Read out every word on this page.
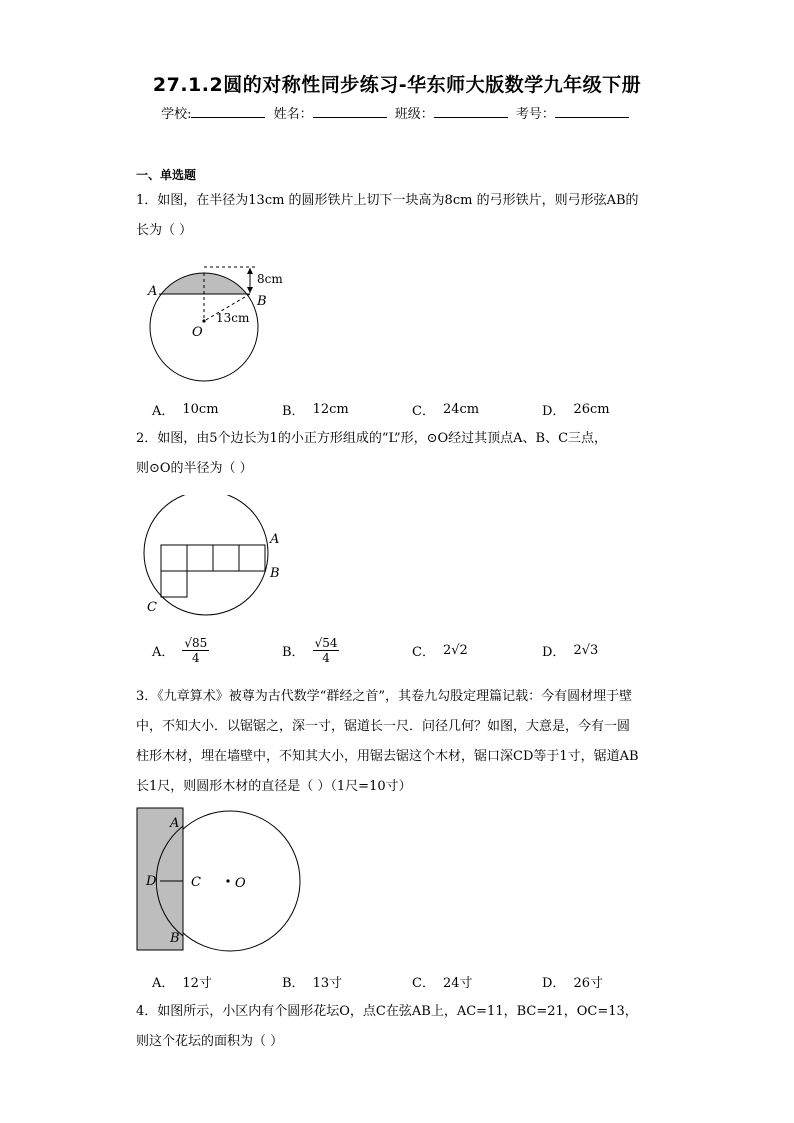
27.1.2圆的对称性同步练习-华东师大版数学九年级下册
学校:	姓名：	班级：	考号：
一、单选题
1．如图，在半径为13cm 的圆形铁片上切下一块高为8cm 的弓形铁片，则弓形弦AB的
长为（ ）
A
B
O
8cm
13cm
A． 10cm	B． 12cm	C． 24cm	D． 26cm
2．如图，由5个边长为1的小正方形组成的“L”形，⊙O经过其顶点A、B、C三点，
则⊙O的半径为（ ）
A
B
C
A． $\frac{√85}{4}$	B． $\frac{√54}{4}$	C． 2√2	D． 2√3
3．《九章算术》被尊为古代数学“群经之首”，其卷九勾股定理篇记载：今有圆材埋于壁
中，不知大小．以锯锯之，深一寸，锯道长一尺．问径几何？如图，大意是，今有一圆
柱形木材，埋在墙壁中，不知其大小，用锯去锯这个木材，锯口深CD等于1寸，锯道AB
长1尺，则圆形木材的直径是（ ）（1尺=10寸）
A
B
D	C	O
A． 12寸	B． 13寸	C． 24寸	D． 26寸
4．如图所示，小区内有个圆形花坛O，点C在弦AB上，AC=11，BC=21，OC=13，
则这个花坛的面积为（ ）
